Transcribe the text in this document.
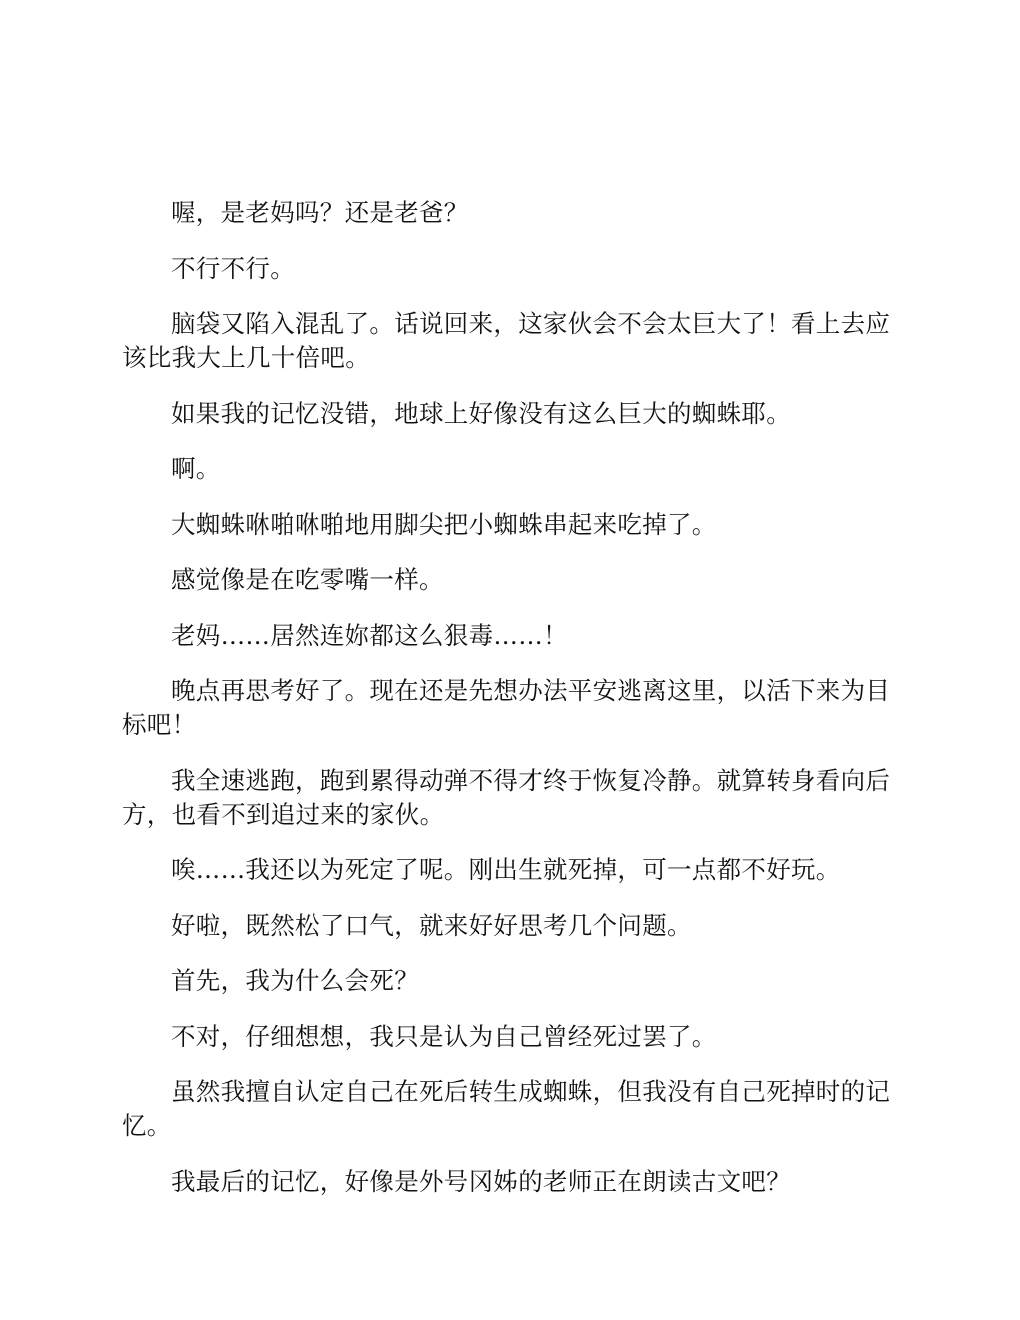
喔，是老妈吗？还是老爸？

不行不行。

脑袋又陷入混乱了。话说回来，这家伙会不会太巨大了！看上去应该比我大上几十倍吧。

如果我的记忆没错，地球上好像没有这么巨大的蜘蛛耶。

啊。

大蜘蛛咻啪咻啪地用脚尖把小蜘蛛串起来吃掉了。

感觉像是在吃零嘴一样。

老妈……居然连妳都这么狠毒……！

晚点再思考好了。现在还是先想办法平安逃离这里，以活下来为目标吧！

我全速逃跑，跑到累得动弹不得才终于恢复冷静。就算转身看向后方，也看不到追过来的家伙。

唉……我还以为死定了呢。刚出生就死掉，可一点都不好玩。

好啦，既然松了口气，就来好好思考几个问题。

首先，我为什么会死？

不对，仔细想想，我只是认为自己曾经死过罢了。

虽然我擅自认定自己在死后转生成蜘蛛，但我没有自己死掉时的记忆。

我最后的记忆，好像是外号冈姊的老师正在朗读古文吧？
